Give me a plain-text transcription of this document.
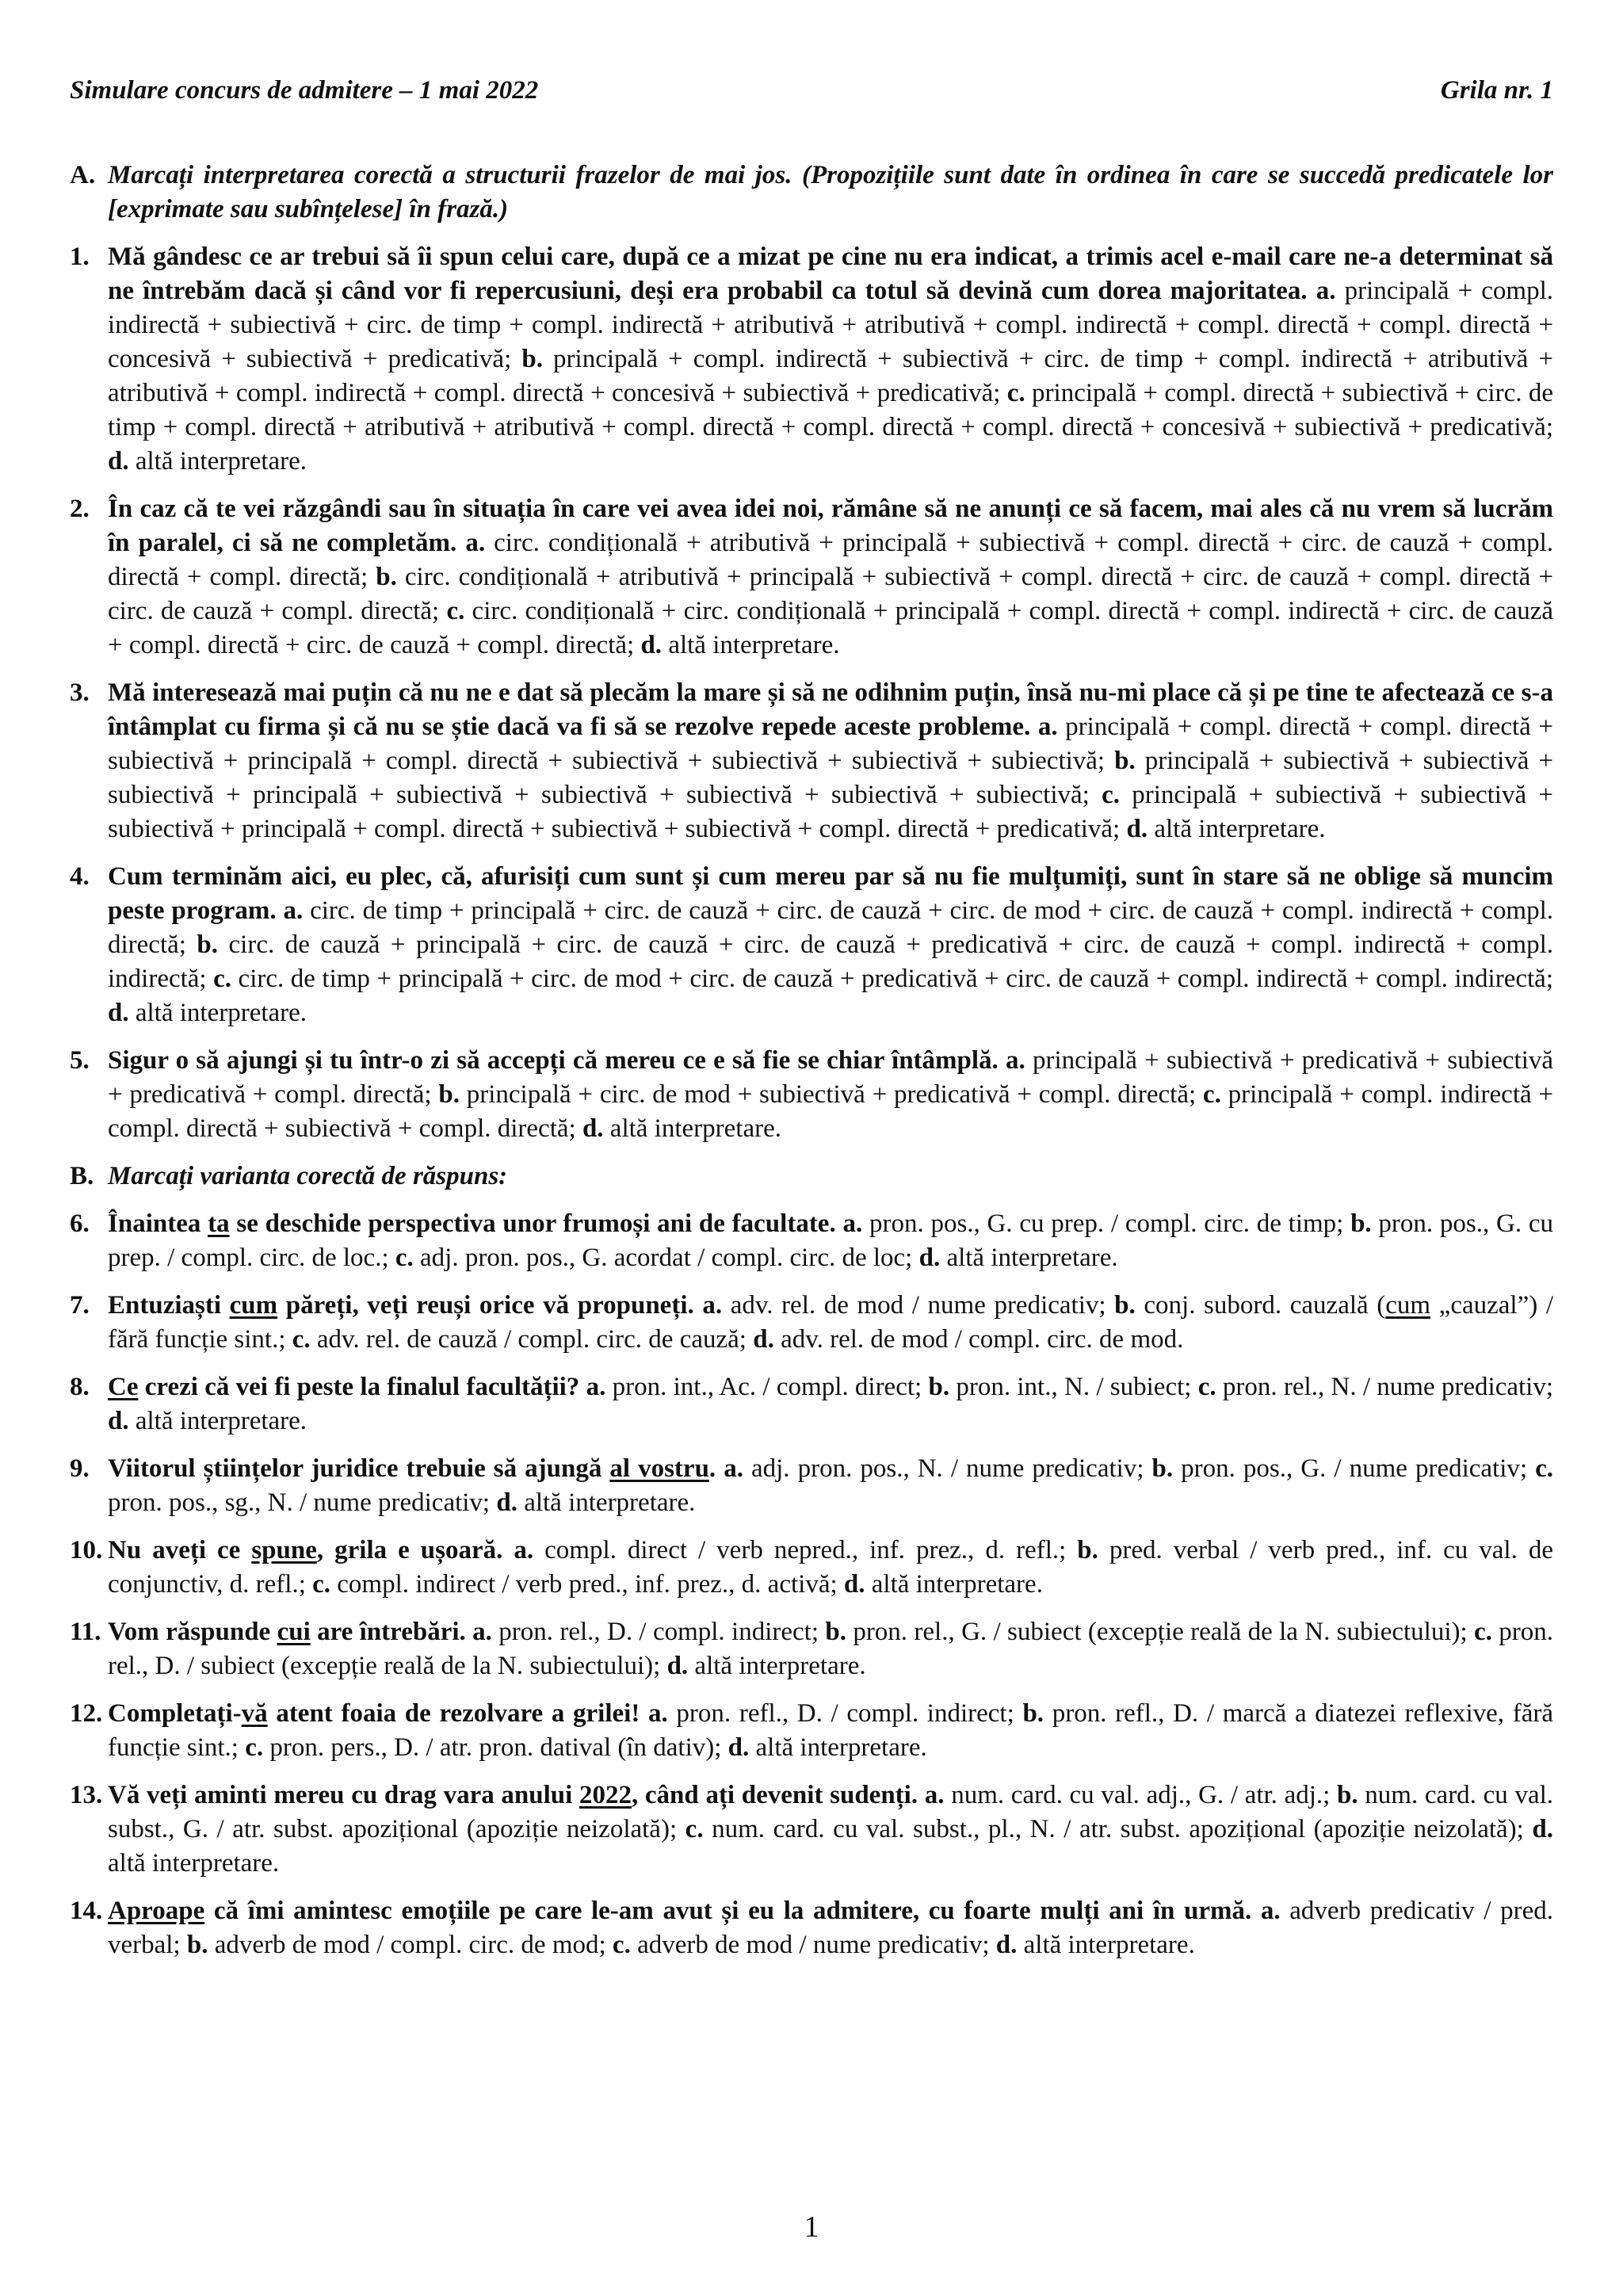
Simulare concurs de admitere – 1 mai 2022	Grila nr. 1
A. Marcați interpretarea corectă a structurii frazelor de mai jos. (Propozițiile sunt date în ordinea în care se succedă predicatele lor [exprimate sau subînțelese] în frază.)
1. Mă gândesc ce ar trebui să îi spun celui care, după ce a mizat pe cine nu era indicat, a trimis acel e-mail care ne-a determinat să ne întrebăm dacă și când vor fi repercusiuni, deși era probabil ca totul să devină cum dorea majoritatea. a. principală + compl. indirectă + subiectivă + circ. de timp + compl. indirectă + atributivă + atributivă + compl. indirectă + compl. directă + compl. directă + concesivă + subiectivă + predicativă; b. principală + compl. indirectă + subiectivă + circ. de timp + compl. indirectă + atributivă + atributivă + compl. indirectă + compl. directă + concesivă + subiectivă + predicativă; c. principală + compl. directă + subiectivă + circ. de timp + compl. directă + atributivă + atributivă + compl. directă + compl. directă + compl. directă + concesivă + subiectivă + predicativă; d. altă interpretare.
2. În caz că te vei răzgândi sau în situația în care vei avea idei noi, rămâne să ne anunți ce să facem, mai ales că nu vrem să lucrăm în paralel, ci să ne completăm. a. circ. condițională + atributivă + principală + subiectivă + compl. directă + circ. de cauză + compl. directă + compl. directă; b. circ. condițională + atributivă + principală + subiectivă + compl. directă + circ. de cauză + compl. directă + circ. de cauză + compl. directă; c. circ. condițională + circ. condițională + principală + compl. directă + compl. indirectă + circ. de cauză + compl. directă + circ. de cauză + compl. directă; d. altă interpretare.
3. Mă interesează mai puțin că nu ne e dat să plecăm la mare și să ne odihnim puțin, însă nu-mi place că și pe tine te afectează ce s-a întâmplat cu firma și că nu se știe dacă va fi să se rezolve repede aceste probleme. a. principală + compl. directă + compl. directă + subiectivă + principală + compl. directă + subiectivă + subiectivă + subiectivă + subiectivă; b. principală + subiectivă + subiectivă + subiectivă + principală + subiectivă + subiectivă + subiectivă + subiectivă + subiectivă; c. principală + subiectivă + subiectivă + subiectivă + principală + compl. directă + subiectivă + subiectivă + compl. directă + predicativă; d. altă interpretare.
4. Cum terminăm aici, eu plec, că, afurisiți cum sunt și cum mereu par să nu fie mulțumiți, sunt în stare să ne oblige să muncim peste program. a. circ. de timp + principală + circ. de cauză + circ. de cauză + circ. de mod + circ. de cauză + compl. indirectă + compl. directă; b. circ. de cauză + principală + circ. de cauză + circ. de cauză + predicativă + circ. de cauză + compl. indirectă + compl. indirectă; c. circ. de timp + principală + circ. de mod + circ. de cauză + predicativă + circ. de cauză + compl. indirectă + compl. indirectă; d. altă interpretare.
5. Sigur o să ajungi și tu într-o zi să accepți că mereu ce e să fie se chiar întâmplă. a. principală + subiectivă + predicativă + subiectivă + predicativă + compl. directă; b. principală + circ. de mod + subiectivă + predicativă + compl. directă; c. principală + compl. indirectă + compl. directă + subiectivă + compl. directă; d. altă interpretare.
B. Marcați varianta corectă de răspuns:
6. Înaintea ta se deschide perspectiva unor frumoși ani de facultate. a. pron. pos., G. cu prep. / compl. circ. de timp; b. pron. pos., G. cu prep. / compl. circ. de loc.; c. adj. pron. pos., G. acordat / compl. circ. de loc; d. altă interpretare.
7. Entuziaști cum păreți, veți reuși orice vă propuneți. a. adv. rel. de mod / nume predicativ; b. conj. subord. cauzală (cum „cauzal”) / fără funcție sint.; c. adv. rel. de cauză / compl. circ. de cauză; d. adv. rel. de mod / compl. circ. de mod.
8. Ce crezi că vei fi peste la finalul facultății? a. pron. int., Ac. / compl. direct; b. pron. int., N. / subiect; c. pron. rel., N. / nume predicativ; d. altă interpretare.
9. Viitorul științelor juridice trebuie să ajungă al vostru. a. adj. pron. pos., N. / nume predicativ; b. pron. pos., G. / nume predicativ; c. pron. pos., sg., N. / nume predicativ; d. altă interpretare.
10. Nu aveți ce spune, grila e ușoară. a. compl. direct / verb nepred., inf. prez., d. refl.; b. pred. verbal / verb pred., inf. cu val. de conjunctiv, d. refl.; c. compl. indirect / verb pred., inf. prez., d. activă; d. altă interpretare.
11. Vom răspunde cui are întrebări. a. pron. rel., D. / compl. indirect; b. pron. rel., G. / subiect (excepție reală de la N. subiectului); c. pron. rel., D. / subiect (excepție reală de la N. subiectului); d. altă interpretare.
12. Completați-vă atent foaia de rezolvare a grilei! a. pron. refl., D. / compl. indirect; b. pron. refl., D. / marcă a diatezei reflexive, fără funcție sint.; c. pron. pers., D. / atr. pron. datival (în dativ); d. altă interpretare.
13. Vă veți aminti mereu cu drag vara anului 2022, când ați devenit sudenți. a. num. card. cu val. adj., G. / atr. adj.; b. num. card. cu val. subst., G. / atr. subst. apozițional (apoziție neizolată); c. num. card. cu val. subst., pl., N. / atr. subst. apozițional (apoziție neizolată); d. altă interpretare.
14. Aproape că îmi amintesc emoțiile pe care le-am avut și eu la admitere, cu foarte mulți ani în urmă. a. adverb predicativ / pred. verbal; b. adverb de mod / compl. circ. de mod; c. adverb de mod / nume predicativ; d. altă interpretare.
1
